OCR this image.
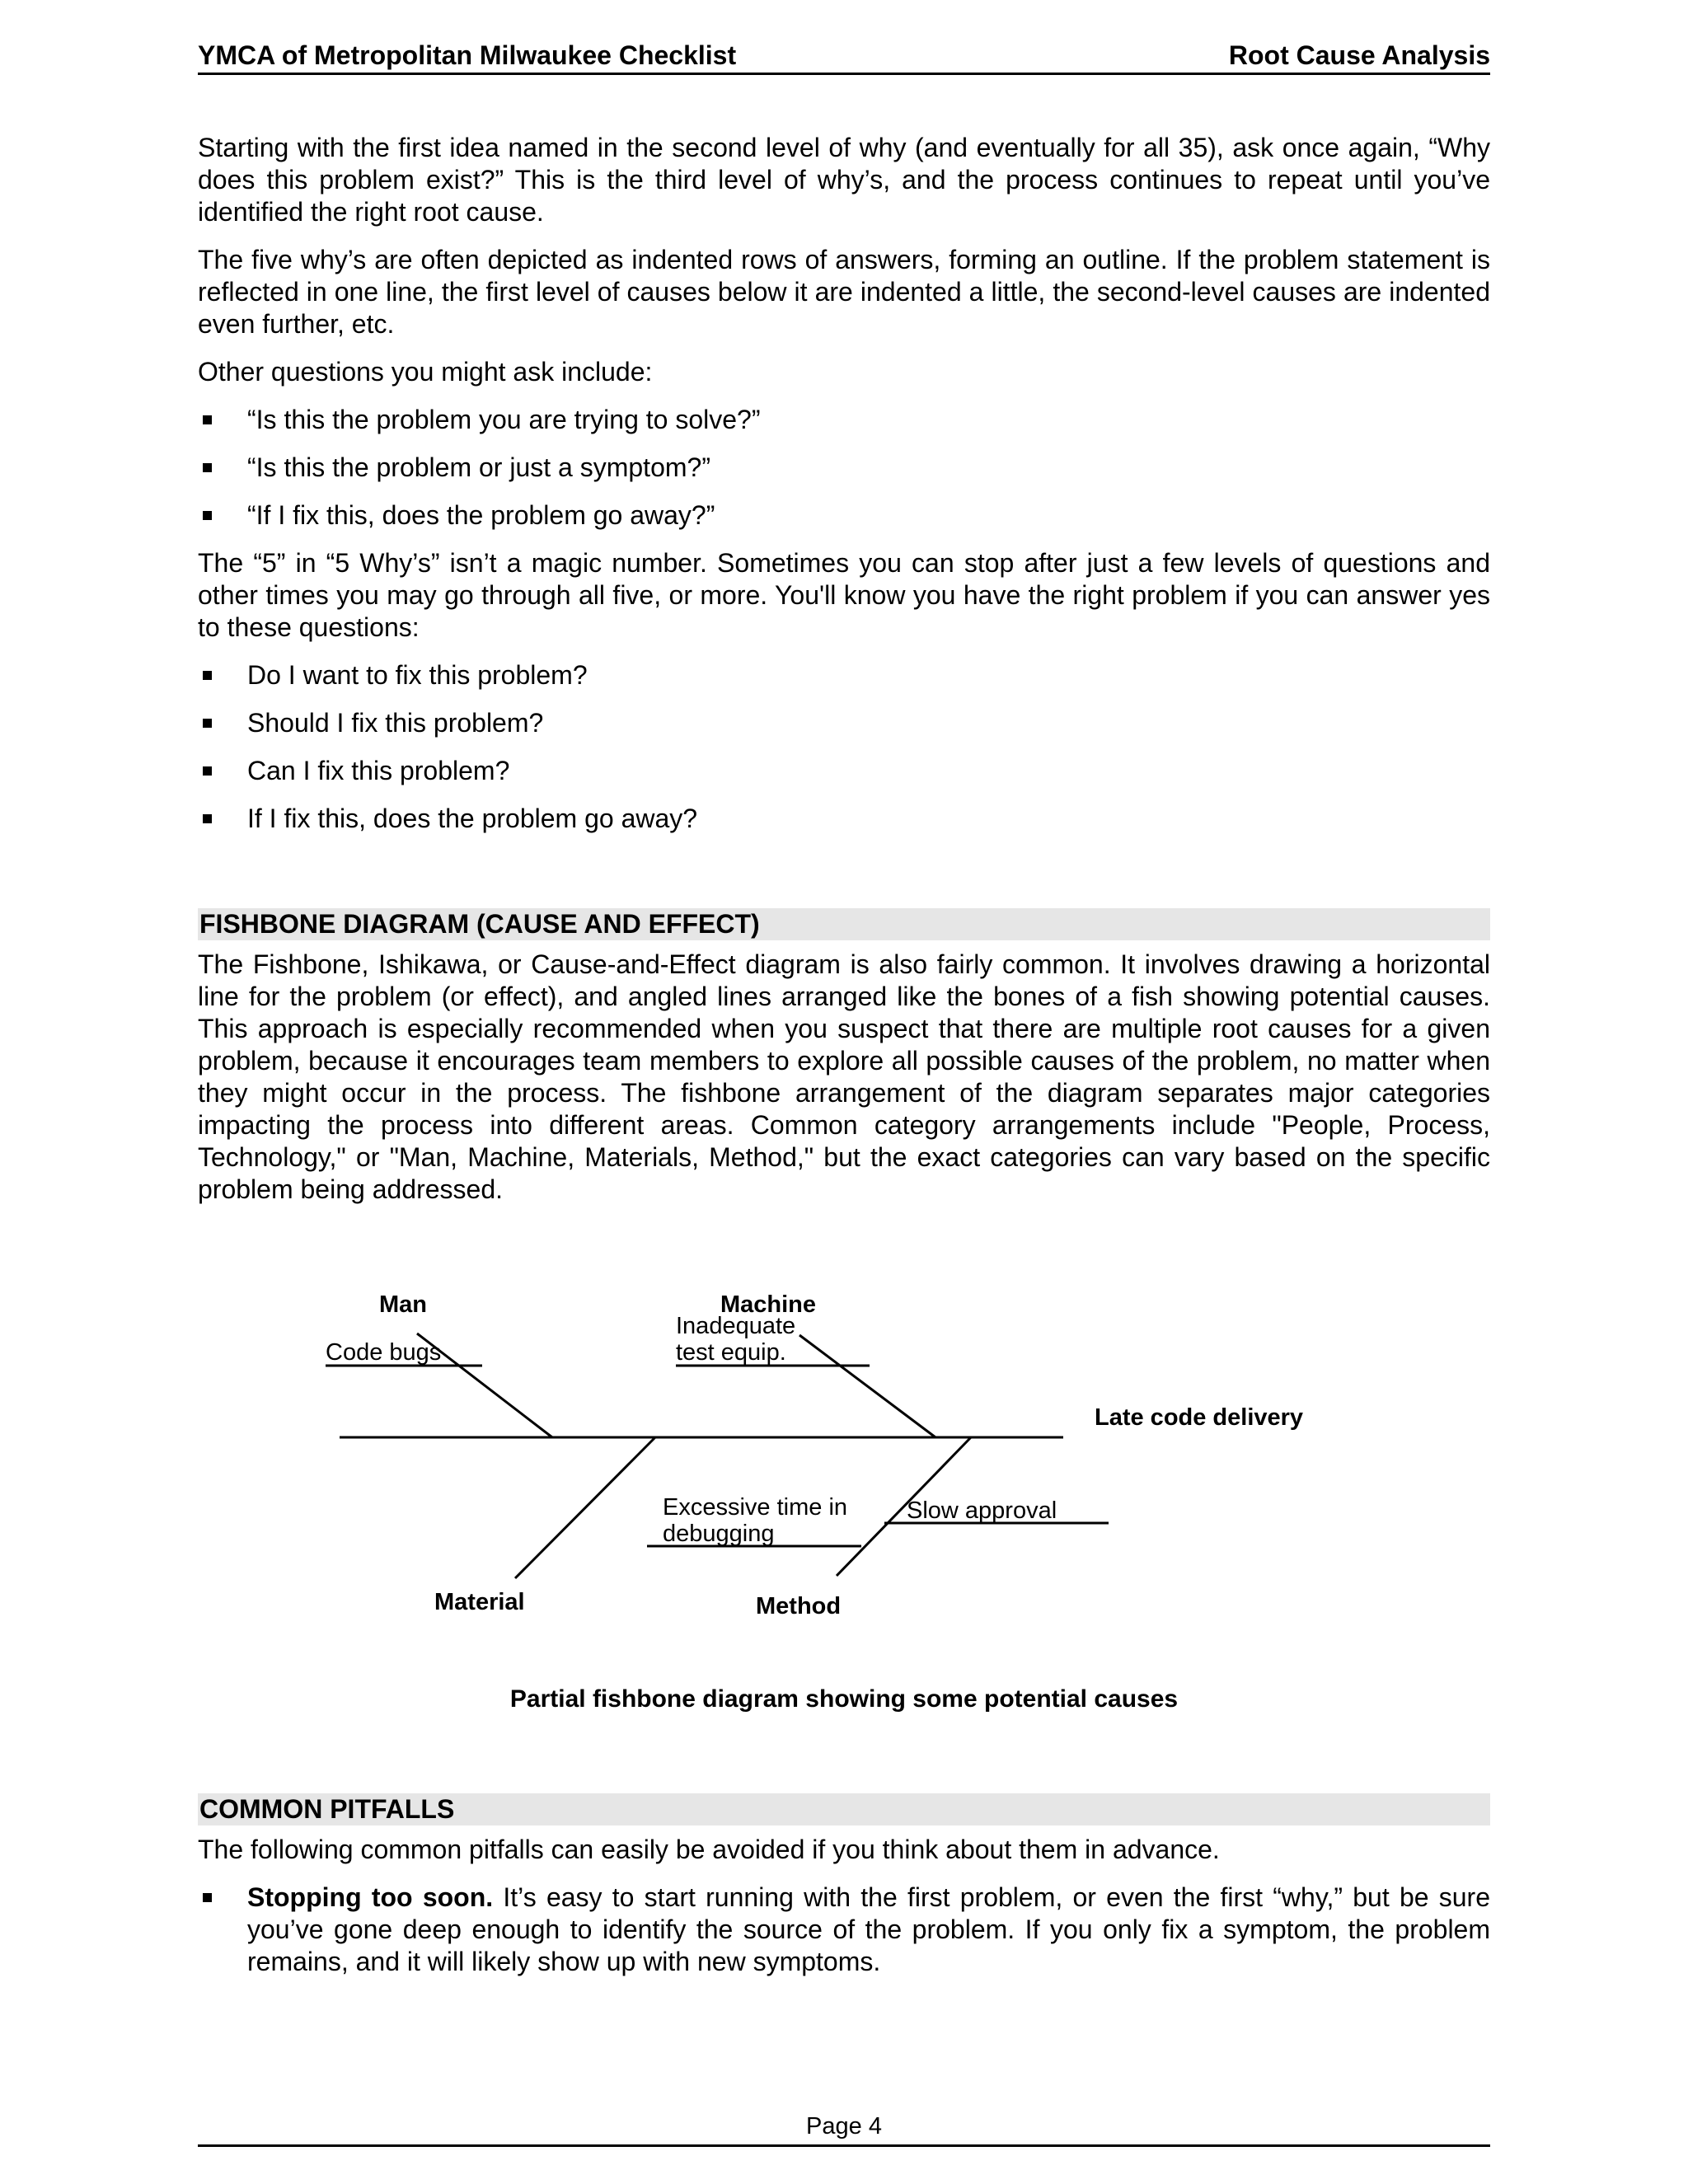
YMCA of Metropolitan Milwaukee Checklist	Root Cause Analysis

Starting with the first idea named in the second level of why (and eventually for all 35), ask once again, “Why does this problem exist?” This is the third level of why’s, and the process continues to repeat until you’ve identified the right root cause.

The five why’s are often depicted as indented rows of answers, forming an outline. If the problem statement is reflected in one line, the first level of causes below it are indented a little, the second-level causes are indented even further, etc.

Other questions you might ask include:

“Is this the problem you are trying to solve?”
“Is this the problem or just a symptom?”
“If I fix this, does the problem go away?”

The “5” in “5 Why’s” isn’t a magic number. Sometimes you can stop after just a few levels of questions and other times you may go through all five, or more. You'll know you have the right problem if you can answer yes to these questions:

Do I want to fix this problem?
Should I fix this problem?
Can I fix this problem?
If I fix this, does the problem go away?
FISHBONE DIAGRAM (CAUSE AND EFFECT)

The Fishbone, Ishikawa, or Cause-and-Effect diagram is also fairly common. It involves drawing a horizontal line for the problem (or effect), and angled lines arranged like the bones of a fish showing potential causes. This approach is especially recommended when you suspect that there are multiple root causes for a given problem, because it encourages team members to explore all possible causes of the problem, no matter when they might occur in the process. The fishbone arrangement of the diagram separates major categories impacting the process into different areas. Common category arrangements include "People, Process, Technology," or "Man, Machine, Materials, Method," but the exact categories can vary based on the specific problem being addressed.

Man	Machine
Code bugs
Inadequate
test equip.
Late code delivery
Excessive time in
debugging
Slow approval
Material	Method
Partial fishbone diagram showing some potential causes
COMMON PITFALLS

The following common pitfalls can easily be avoided if you think about them in advance.

Stopping too soon. It’s easy to start running with the first problem, or even the first “why,” but be sure you’ve gone deep enough to identify the source of the problem. If you only fix a symptom, the problem remains, and it will likely show up with new symptoms.
Page 4
